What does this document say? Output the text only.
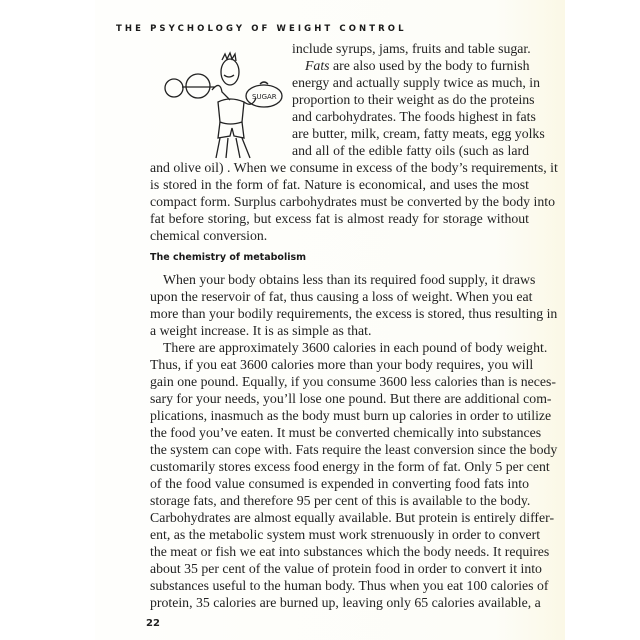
THE PSYCHOLOGY OF WEIGHT CONTROL
SUGAR
include syrups, jams, fruits and table sugar.
Fats are also used by the body to furnish
energy and actually supply twice as much, in
proportion to their weight as do the proteins
and carbohydrates. The foods highest in fats
are butter, milk, cream, fatty meats, egg yolks
and all of the edible fatty oils (such as lard
and olive oil) . When we consume in excess of the body’s requirements, it
is stored in the form of fat. Nature is economical, and uses the most
compact form. Surplus carbohydrates must be converted by the body into
fat before storing, but excess fat is almost ready for storage without
chemical conversion.
The chemistry of metabolism
When your body obtains less than its required food supply, it draws
upon the reservoir of fat, thus causing a loss of weight. When you eat
more than your bodily requirements, the excess is stored, thus resulting in
a weight increase. It is as simple as that.
There are approximately 3600 calories in each pound of body weight.
Thus, if you eat 3600 calories more than your body requires, you will
gain one pound. Equally, if you consume 3600 less calories than is neces-
sary for your needs, you’ll lose one pound. But there are additional com-
plications, inasmuch as the body must burn up calories in order to utilize
the food you’ve eaten. It must be converted chemically into substances
the system can cope with. Fats require the least conversion since the body
customarily stores excess food energy in the form of fat. Only 5 per cent
of the food value consumed is expended in converting food fats into
storage fats, and therefore 95 per cent of this is available to the body.
Carbohydrates are almost equally available. But protein is entirely differ-
ent, as the metabolic system must work strenuously in order to convert
the meat or fish we eat into substances which the body needs. It requires
about 35 per cent of the value of protein food in order to convert it into
substances useful to the human body. Thus when you eat 100 calories of
protein, 35 calories are burned up, leaving only 65 calories available, a
22
